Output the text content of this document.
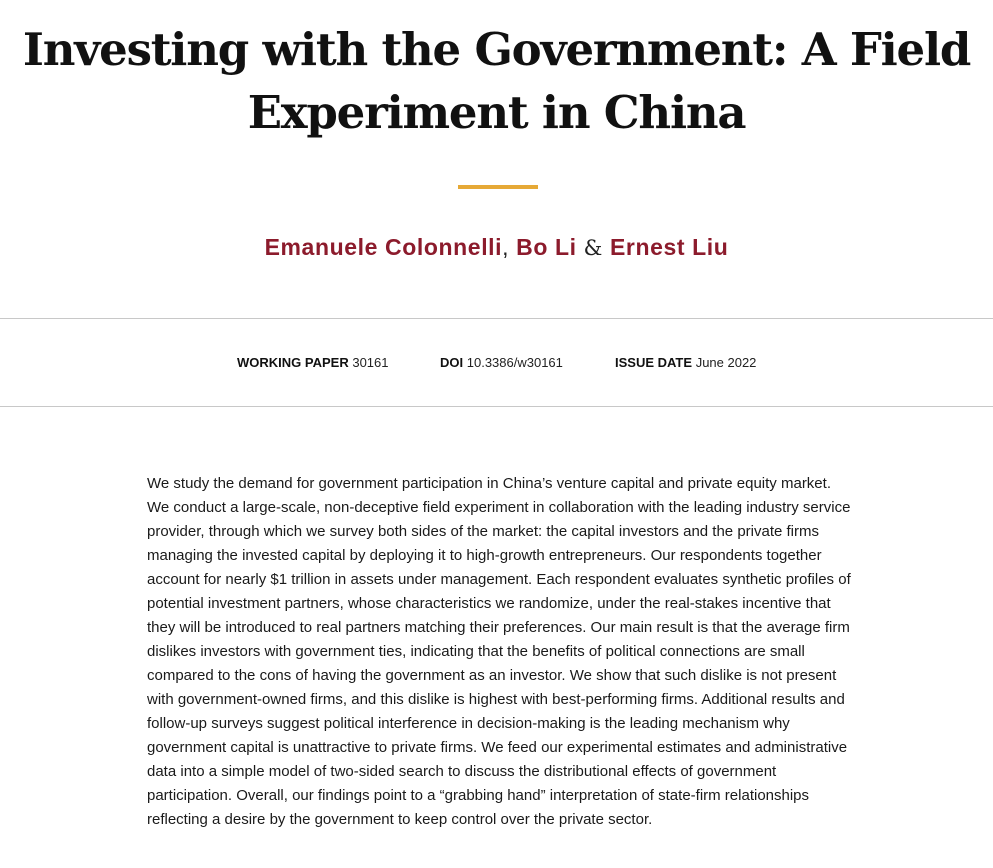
Investing with the Government: A Field Experiment in China
Emanuele Colonnelli, Bo Li & Ernest Liu
WORKING PAPER 30161	DOI 10.3386/w30161	ISSUE DATE June 2022

We study the demand for government participation in China’s venture capital and private equity market. We conduct a large-scale, non-deceptive field experiment in collaboration with the leading industry service provider, through which we survey both sides of the market: the capital investors and the private firms managing the invested capital by deploying it to high-growth entrepreneurs. Our respondents together account for nearly $1 trillion in assets under management. Each respondent evaluates synthetic profiles of potential investment partners, whose characteristics we randomize, under the real-stakes incentive that they will be introduced to real partners matching their preferences. Our main result is that the average firm dislikes investors with government ties, indicating that the benefits of political connections are small compared to the cons of having the government as an investor. We show that such dislike is not present with government-owned firms, and this dislike is highest with best-performing firms. Additional results and follow-up surveys suggest political interference in decision-making is the leading mechanism why government capital is unattractive to private firms. We feed our experimental estimates and administrative data into a simple model of two-sided search to discuss the distributional effects of government participation. Overall, our findings point to a “grabbing hand” interpretation of state-firm relationships reflecting a desire by the government to keep control over the private sector.
